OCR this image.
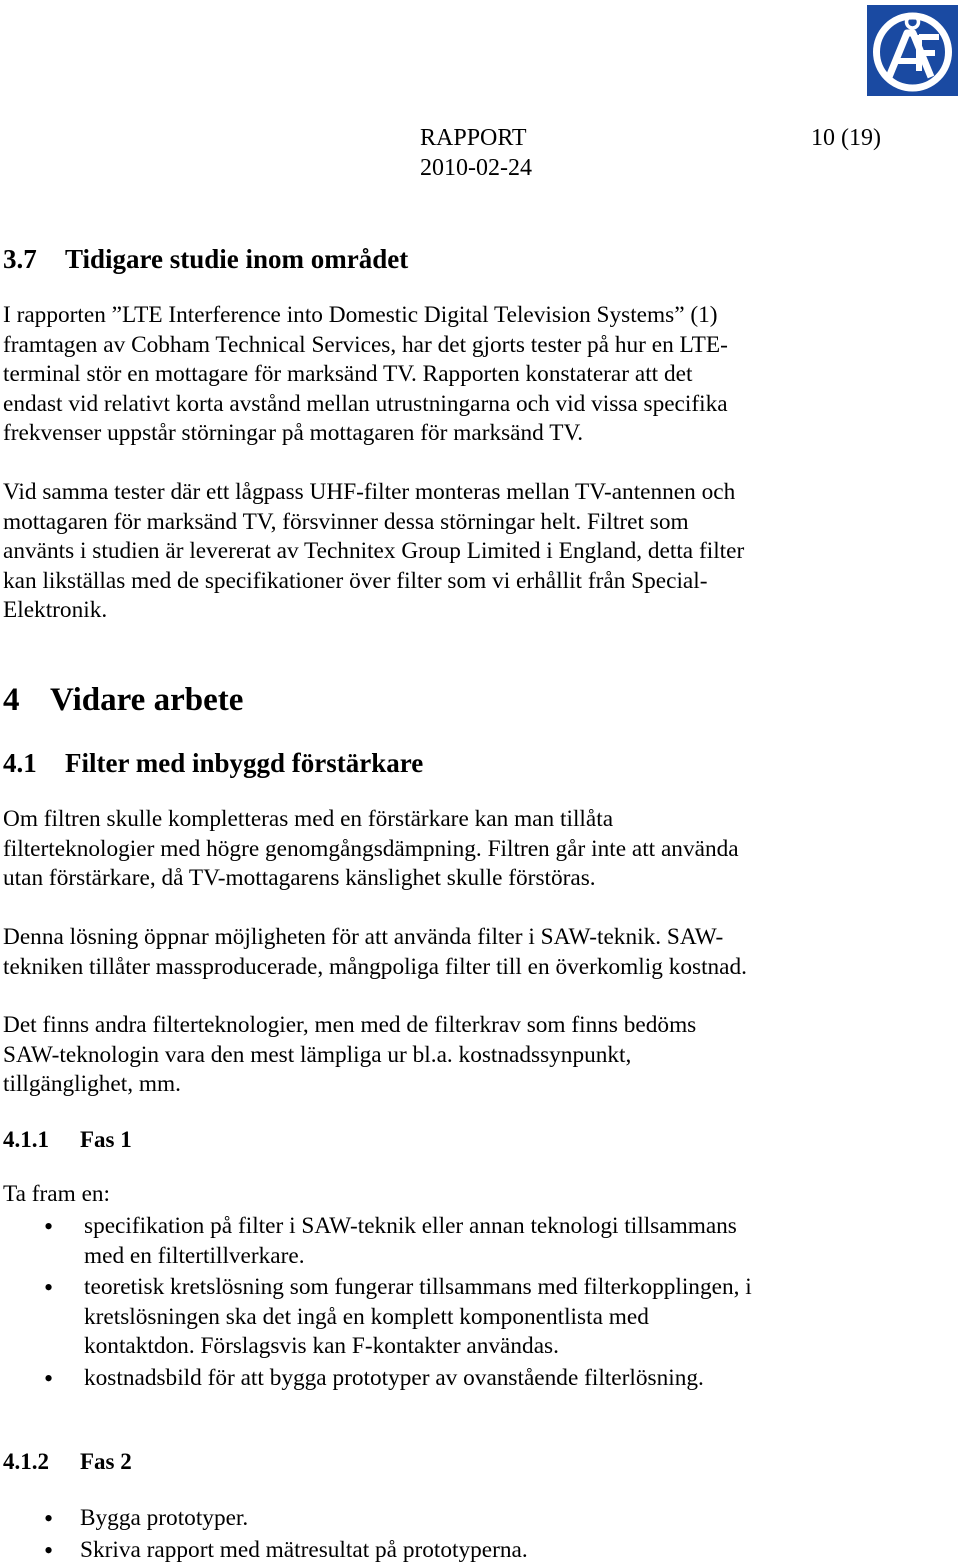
RAPPORT	10 (19)
2010-02-24
3.7 Tidigare studie inom området
I rapporten ”LTE Interference into Domestic Digital Television Systems” (1)
framtagen av Cobham Technical Services, har det gjorts tester på hur en LTE-
terminal stör en mottagare för marksänd TV. Rapporten konstaterar att det
endast vid relativt korta avstånd mellan utrustningarna och vid vissa specifika
frekvenser uppstår störningar på mottagaren för marksänd TV.
Vid samma tester där ett lågpass UHF-filter monteras mellan TV-antennen och
mottagaren för marksänd TV, försvinner dessa störningar helt. Filtret som
använts i studien är levererat av Technitex Group Limited i England, detta filter
kan likställas med de specifikationer över filter som vi erhållit från Special-
Elektronik.
4 Vidare arbete
4.1 Filter med inbyggd förstärkare
Om filtren skulle kompletteras med en förstärkare kan man tillåta
filterteknologier med högre genomgångsdämpning. Filtren går inte att använda
utan förstärkare, då TV-mottagarens känslighet skulle förstöras.
Denna lösning öppnar möjligheten för att använda filter i SAW-teknik. SAW-
tekniken tillåter massproducerade, mångpoliga filter till en överkomlig kostnad.
Det finns andra filterteknologier, men med de filterkrav som finns bedöms
SAW-teknologin vara den mest lämpliga ur bl.a. kostnadssynpunkt,
tillgänglighet, mm.
4.1.1 Fas 1
Ta fram en:
• specifikation på filter i SAW-teknik eller annan teknologi tillsammans
med en filtertillverkare.
• teoretisk kretslösning som fungerar tillsammans med filterkopplingen, i
kretslösningen ska det ingå en komplett komponentlista med
kontaktdon. Förslagsvis kan F-kontakter användas.
• kostnadsbild för att bygga prototyper av ovanstående filterlösning.
4.1.2 Fas 2
• Bygga prototyper.
• Skriva rapport med mätresultat på prototyperna.
